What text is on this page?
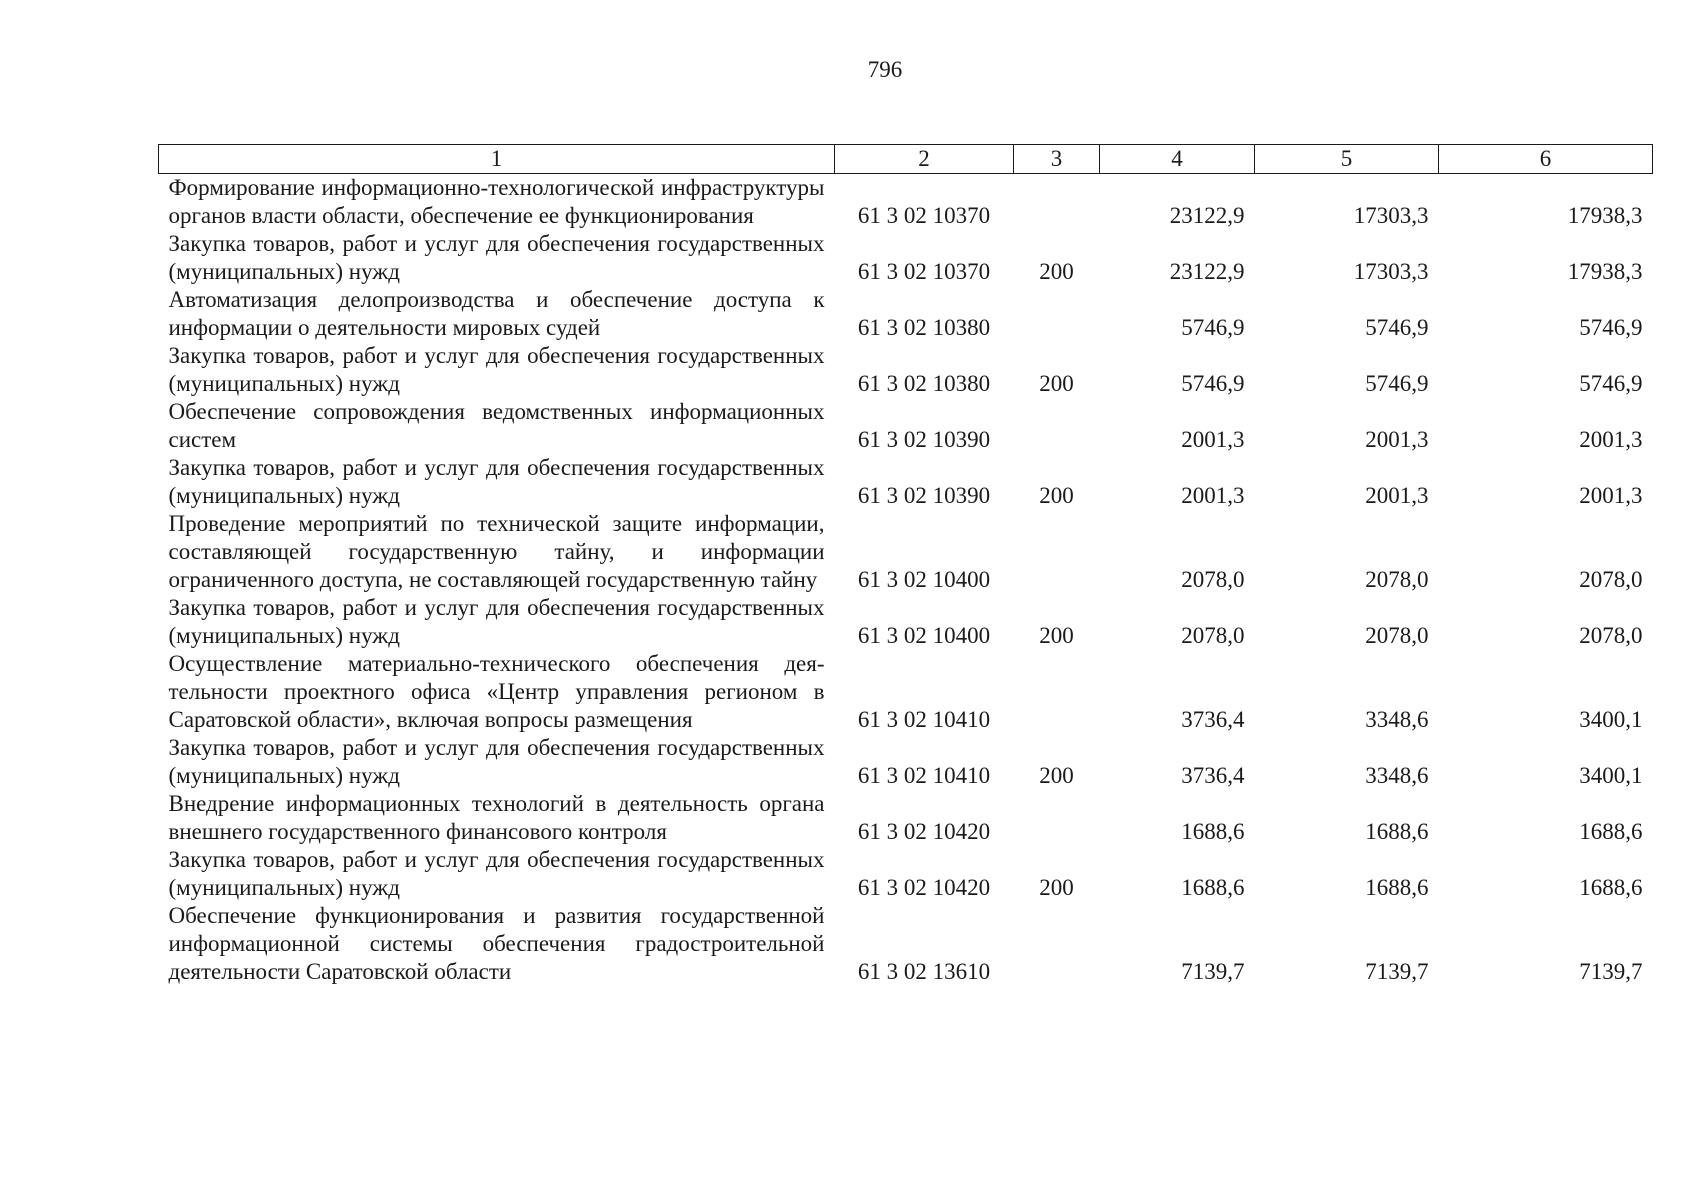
796
1	2	3	4	5	6
Формирование информационно-технологической инфраструктуры органов власти области, обеспечение ее функционирования	61 3 02 10370		23122,9	17303,3	17938,3
Закупка товаров, работ и услуг для обеспечения государственных (муниципальных) нужд	61 3 02 10370	200	23122,9	17303,3	17938,3
Автоматизация делопроизводства и обеспечение доступа к информации о деятельности мировых судей	61 3 02 10380		5746,9	5746,9	5746,9
Закупка товаров, работ и услуг для обеспечения государственных (муниципальных) нужд	61 3 02 10380	200	5746,9	5746,9	5746,9
Обеспечение сопровождения ведомственных информационных систем	61 3 02 10390		2001,3	2001,3	2001,3
Закупка товаров, работ и услуг для обеспечения государственных (муниципальных) нужд	61 3 02 10390	200	2001,3	2001,3	2001,3
Проведение мероприятий по технической защите информации, составляющей государственную тайну, и информации ограниченного доступа, не составляющей государственную тайну	61 3 02 10400		2078,0	2078,0	2078,0
Закупка товаров, работ и услуг для обеспечения государственных (муниципальных) нужд	61 3 02 10400	200	2078,0	2078,0	2078,0
Осуществление материально-технического обеспечения деятельности проектного офиса «Центр управления регионом в Саратовской области», включая вопросы размещения	61 3 02 10410		3736,4	3348,6	3400,1
Закупка товаров, работ и услуг для обеспечения государственных (муниципальных) нужд	61 3 02 10410	200	3736,4	3348,6	3400,1
Внедрение информационных технологий в деятельность органа внешнего государственного финансового контроля	61 3 02 10420		1688,6	1688,6	1688,6
Закупка товаров, работ и услуг для обеспечения государственных (муниципальных) нужд	61 3 02 10420	200	1688,6	1688,6	1688,6
Обеспечение функционирования и развития государственной информационной системы обеспечения градостроительной деятельности Саратовской области	61 3 02 13610		7139,7	7139,7	7139,7
